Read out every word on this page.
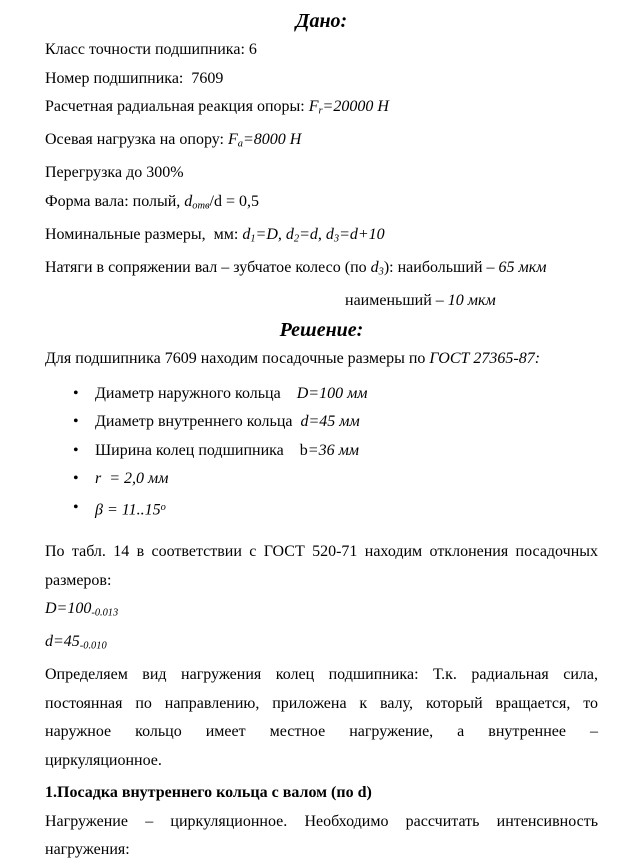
Дано:
Класс точности подшипника: 6
Номер подшипника:  7609
Расчетная радиальная реакция опоры: Fr=20000 Н
Осевая нагрузка на опору: Fa=8000 Н
Перегрузка до 300%
Форма вала: полый, dотв/d = 0,5
Номинальные размеры,  мм: d1=D, d2=d, d3=d+10
Натяги в сопряжении вал – зубчатое колесо (по d3): наибольший – 65 мкм
наименьший – 10 мкм
Решение:
Для подшипника 7609 находим посадочные размеры по ГОСТ 27365-87:
• Диаметр наружного кольца    D=100 мм
• Диаметр внутреннего кольца  d=45 мм
• Ширина колец подшипника    b=36 мм
• r  = 2,0 мм
• $\beta = 11..15^о$
По табл. 14 в соответствии с ГОСТ 520-71 находим отклонения посадочных
размеров:
D=100-0.013
d=45-0.010
Определяем вид нагружения колец подшипника: Т.к. радиальная сила,
постоянная по направлению, приложена к валу, который вращается, то
наружное кольцо имеет местное нагружение, а внутреннее –
циркуляционное.
1.Посадка внутреннего кольца с валом (по d)
Нагружение – циркуляционное. Необходимо рассчитать интенсивность
нагружения:
